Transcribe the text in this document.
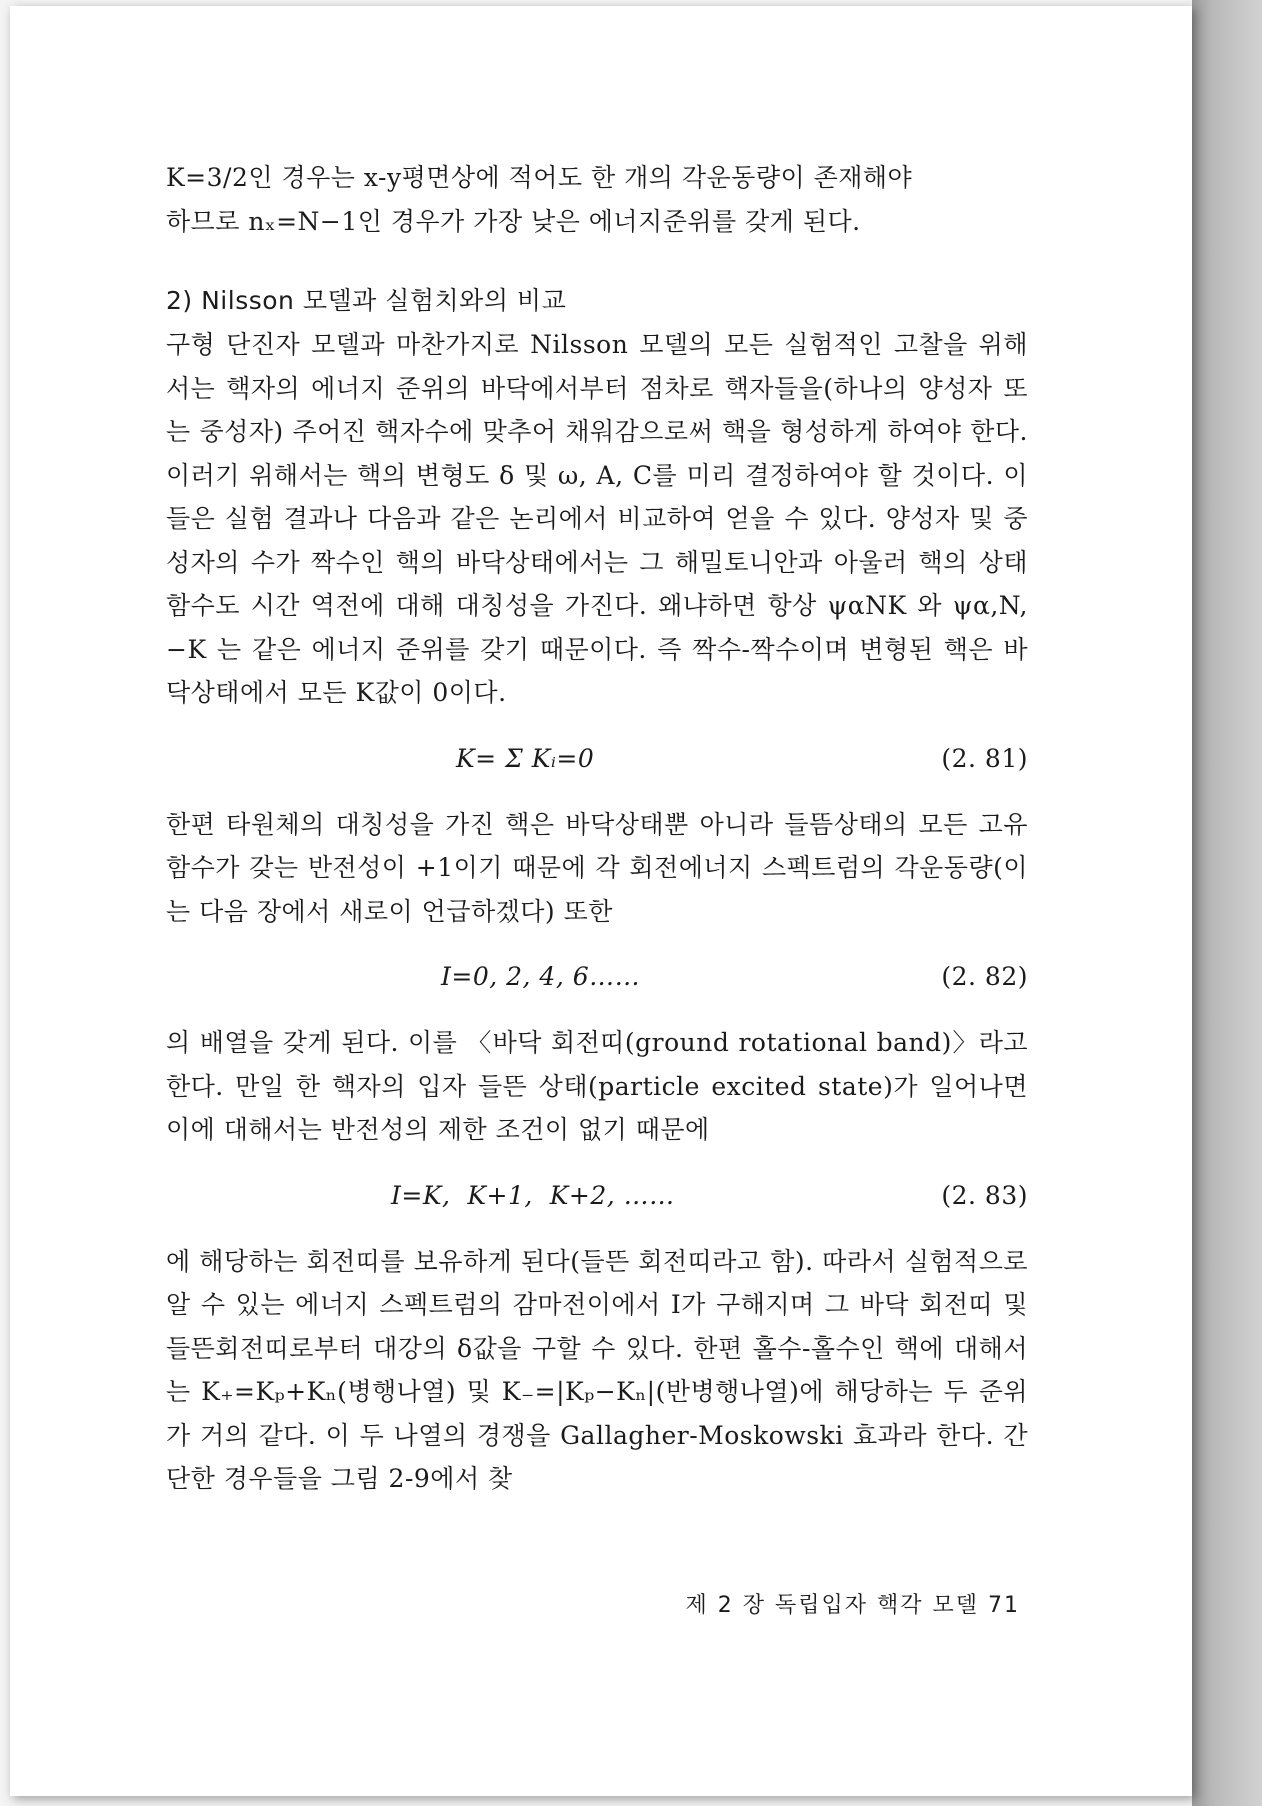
K=3/2인 경우는 x-y평면상에 적어도 한 개의 각운동량이 존재해야

하므로 nₓ=N−1인 경우가 가장 낮은 에너지준위를 갖게 된다.

2) Nilsson 모델과 실험치와의 비교

구형 단진자 모델과 마찬가지로 Nilsson 모델의 모든 실험적인 고찰을 위해서는 핵자의 에너지 준위의 바닥에서부터 점차로 핵자들을(하나의 양성자 또는 중성자) 주어진 핵자수에 맞추어 채워감으로써 핵을 형성하게 하여야 한다. 이러기 위해서는 핵의 변형도 δ 및 ω, A, C를 미리 결정하여야 할 것이다. 이들은 실험 결과나 다음과 같은 논리에서 비교하여 얻을 수 있다. 양성자 및 중성자의 수가 짝수인 핵의 바닥상태에서는 그 해밀토니안과 아울러 핵의 상태함수도 시간 역전에 대해 대칭성을 가진다. 왜냐하면 항상 ψαNK 와 ψα,N,−K 는 같은 에너지 준위를 갖기 때문이다. 즉 짝수-짝수이며 변형된 핵은 바닥상태에서 모든 K값이 0이다.

K= Σ Kᵢ=0	(2. 81)

한편 타원체의 대칭성을 가진 핵은 바닥상태뿐 아니라 들뜸상태의 모든 고유함수가 갖는 반전성이 +1이기 때문에 각 회전에너지 스펙트럼의 각운동량(이는 다음 장에서 새로이 언급하겠다) 또한

I=0, 2, 4, 6……	(2. 82)

의 배열을 갖게 된다. 이를 〈바닥 회전띠(ground rotational band)〉라고 한다. 만일 한 핵자의 입자 들뜬 상태(particle excited state)가 일어나면 이에 대해서는 반전성의 제한 조건이 없기 때문에

I=K,  K+1,  K+2, ……	(2. 83)

에 해당하는 회전띠를 보유하게 된다(들뜬 회전띠라고 함). 따라서 실험적으로 알 수 있는 에너지 스펙트럼의 감마전이에서 I가 구해지며 그 바닥 회전띠 및 들뜬회전띠로부터 대강의 δ값을 구할 수 있다. 한편 홀수-홀수인 핵에 대해서는 K₊=Kₚ+Kₙ(병행나열) 및 K₋=|Kₚ−Kₙ|(반병행나열)에 해당하는 두 준위가 거의 같다. 이 두 나열의 경쟁을 Gallagher-Moskowski 효과라 한다. 간단한 경우들을 그림 2-9에서 찾

제 2 장 독립입자 핵각 모델 71
